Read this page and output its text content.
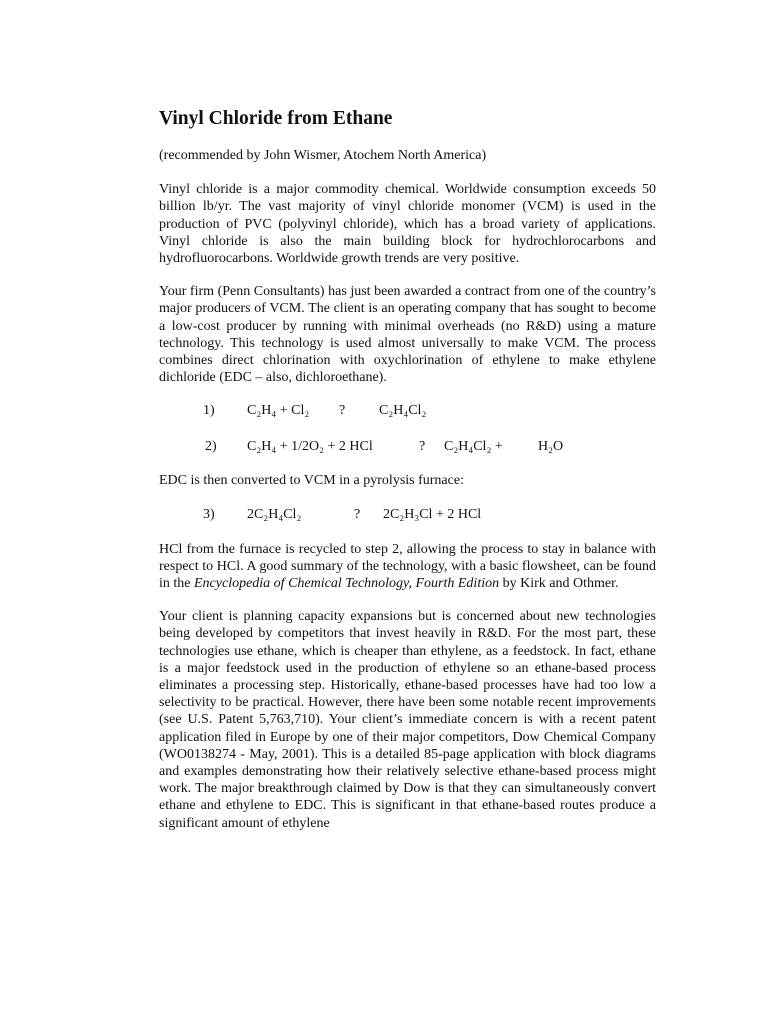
Vinyl Chloride from Ethane

(recommended by John Wismer, Atochem North America)

Vinyl chloride is a major commodity chemical. Worldwide consumption exceeds 50 billion lb/yr. The vast majority of vinyl chloride monomer (VCM) is used in the production of PVC (polyvinyl chloride), which has a broad variety of applications. Vinyl chloride is also the main building block for hydrochlorocarbons and hydrofluorocarbons. Worldwide growth trends are very positive.

Your firm (Penn Consultants) has just been awarded a contract from one of the country’s major producers of VCM. The client is an operating company that has sought to become a low-cost producer by running with minimal overheads (no R&D) using a mature technology. This technology is used almost universally to make VCM. The process combines direct chlorination with oxychlorination of ethylene to make ethylene dichloride (EDC – also, dichloroethane).

1) C₂H₄ + Cl₂ ? C₂H₄Cl₂
2) C₂H₄ + 1/2O₂ + 2 HCl	? C₂H₄Cl₂ +	H₂O

EDC is then converted to VCM in a pyrolysis furnace:

3) 2C₂H₄Cl₂	? 2C₂H₃Cl + 2 HCl

HCl from the furnace is recycled to step 2, allowing the process to stay in balance with respect to HCl. A good summary of the technology, with a basic flowsheet, can be found in the Encyclopedia of Chemical Technology, Fourth Edition by Kirk and Othmer.

Your client is planning capacity expansions but is concerned about new technologies being developed by competitors that invest heavily in R&D. For the most part, these technologies use ethane, which is cheaper than ethylene, as a feedstock. In fact, ethane is a major feedstock used in the production of ethylene so an ethane-based process eliminates a processing step. Historically, ethane-based processes have had too low a selectivity to be practical. However, there have been some notable recent improvements (see U.S. Patent 5,763,710). Your client’s immediate concern is with a recent patent application filed in Europe by one of their major competitors, Dow Chemical Company (WO0138274 - May, 2001). This is a detailed 85-page application with block diagrams and examples demonstrating how their relatively selective ethane-based process might work. The major breakthrough claimed by Dow is that they can simultaneously convert ethane and ethylene to EDC. This is significant in that ethane-based routes produce a significant amount of ethylene
